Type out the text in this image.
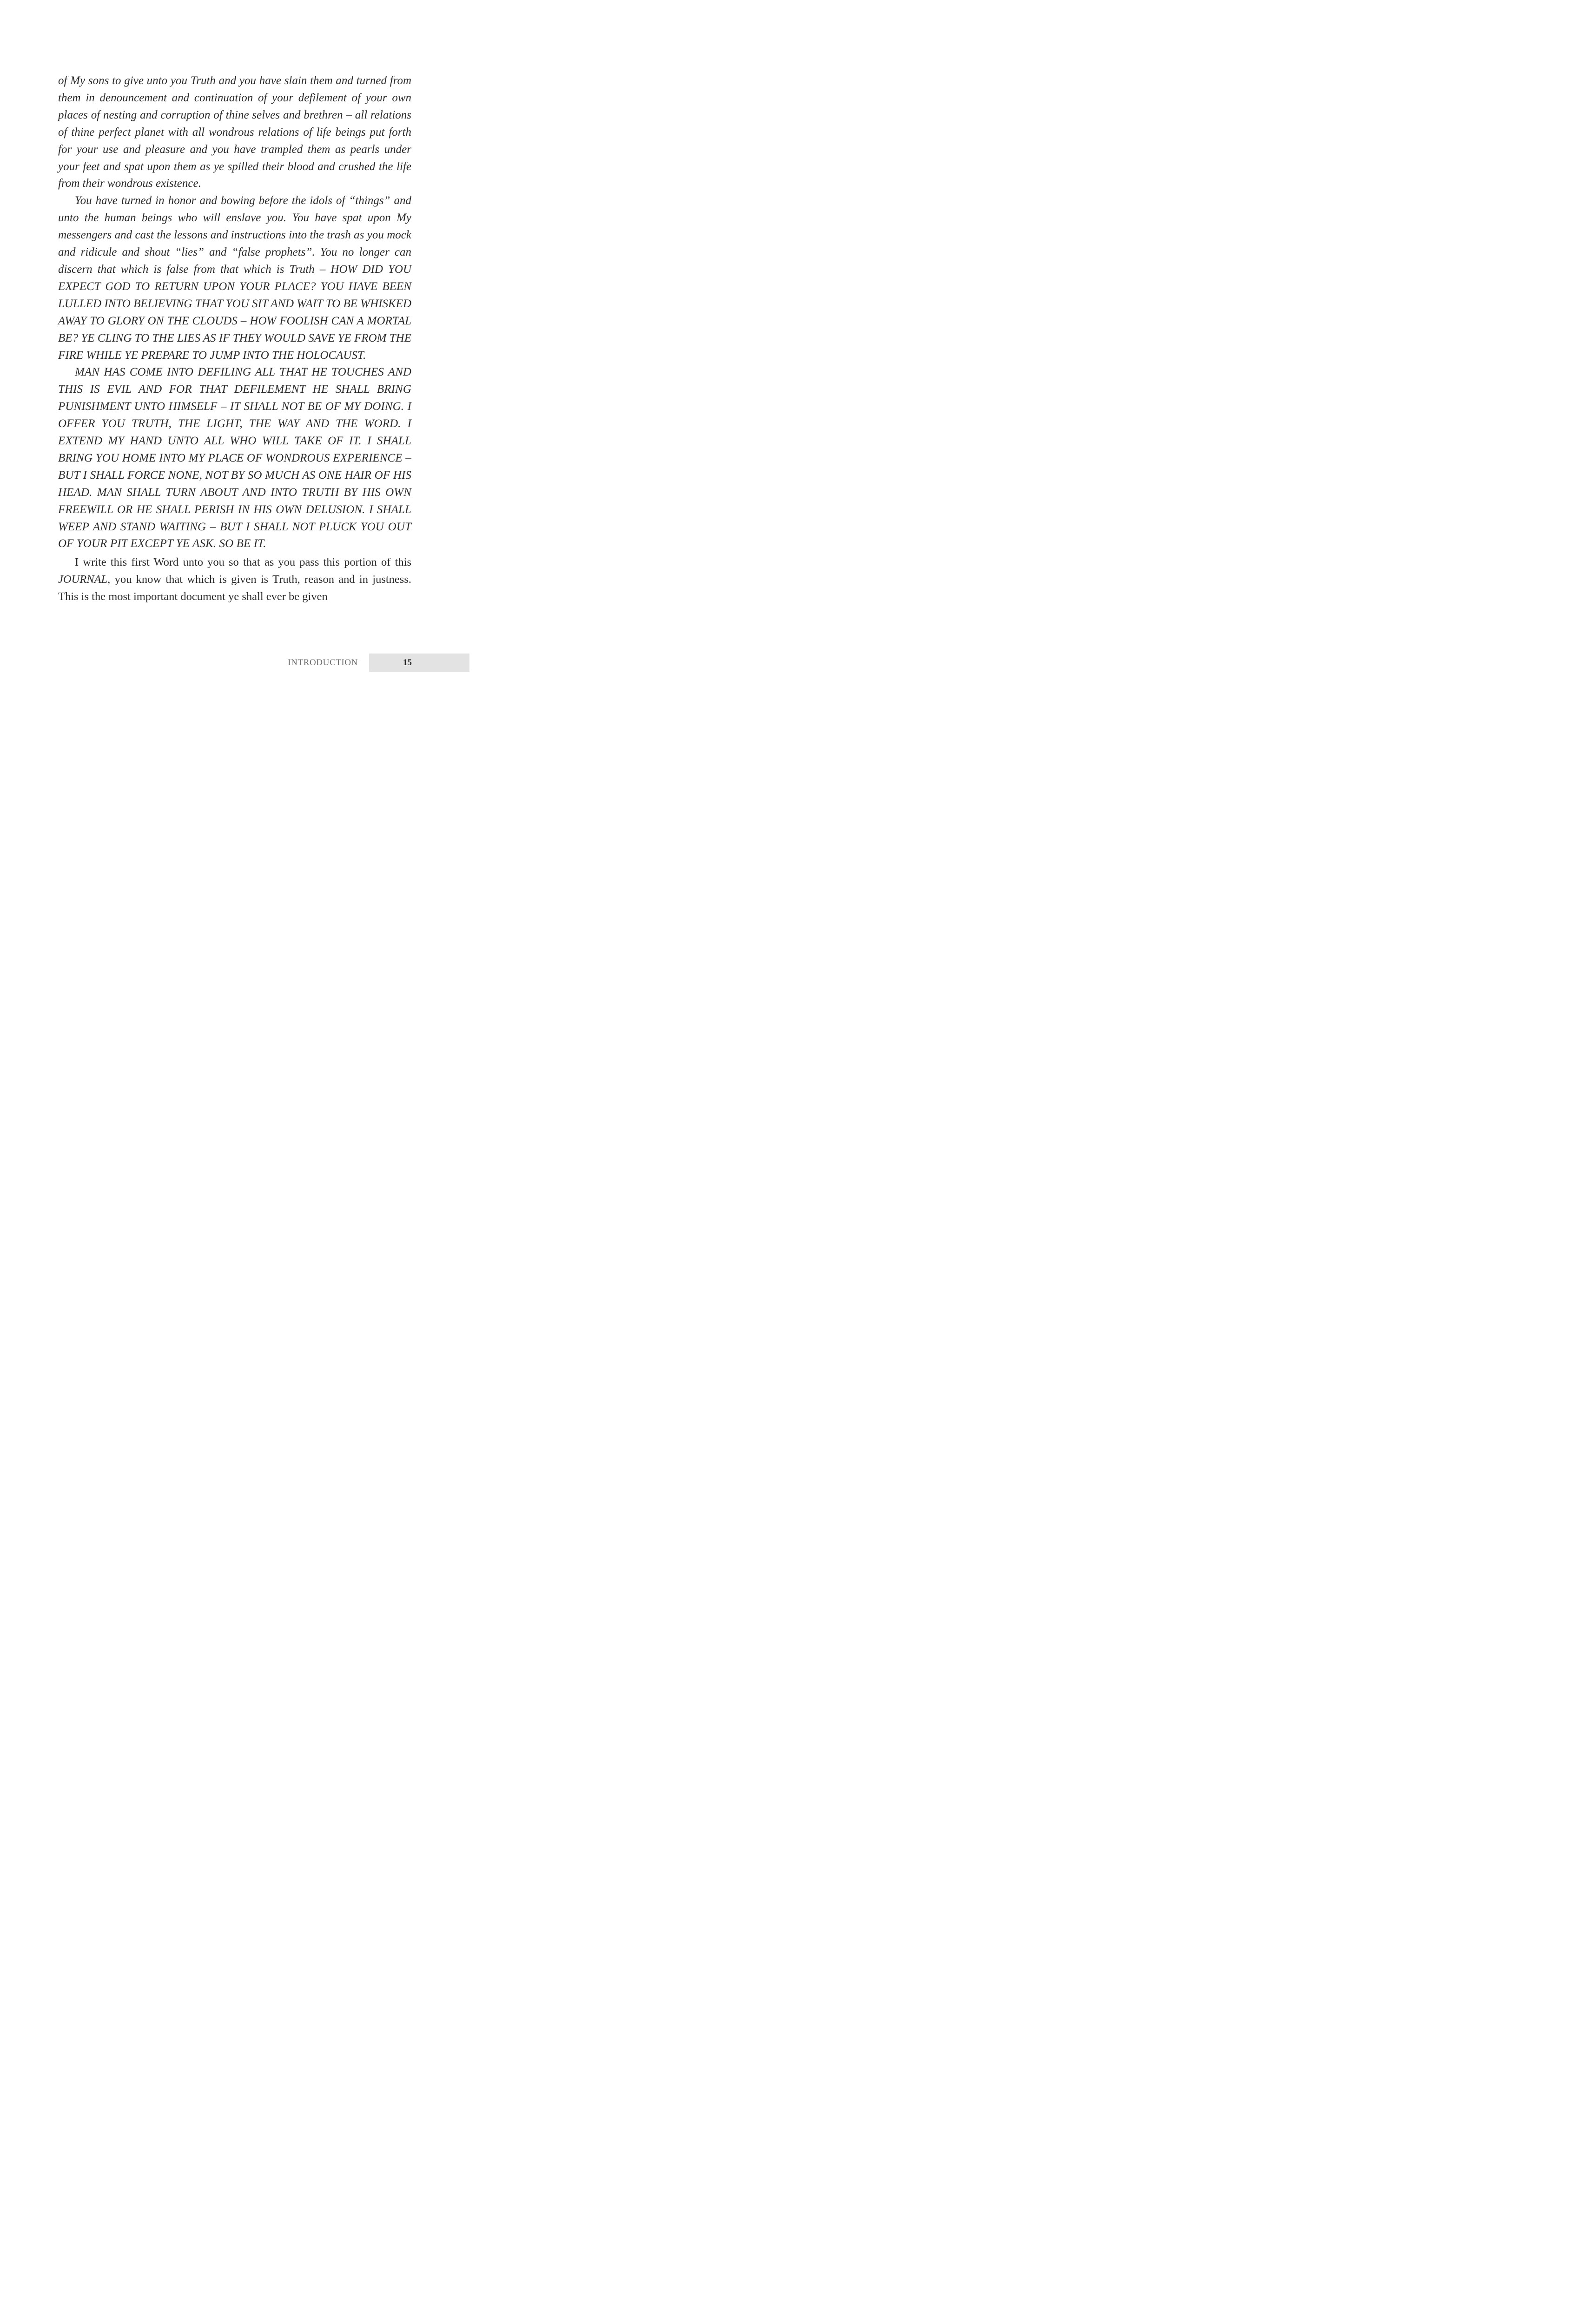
of My sons to give unto you Truth and you have slain them and turned from them in denouncement and continuation of your defilement of your own places of nesting and corruption of thine selves and brethren – all relations of thine perfect planet with all wondrous relations of life beings put forth for your use and pleasure and you have trampled them as pearls under your feet and spat upon them as ye spilled their blood and crushed the life from their wondrous existence.

You have turned in honor and bowing before the idols of “things” and unto the human beings who will enslave you. You have spat upon My messengers and cast the lessons and instructions into the trash as you mock and ridicule and shout “lies” and “false prophets”. You no longer can discern that which is false from that which is Truth – HOW DID YOU EXPECT GOD TO RETURN UPON YOUR PLACE? YOU HAVE BEEN LULLED INTO BELIEVING THAT YOU SIT AND WAIT TO BE WHISKED AWAY TO GLORY ON THE CLOUDS – HOW FOOLISH CAN A MORTAL BE? YE CLING TO THE LIES AS IF THEY WOULD SAVE YE FROM THE FIRE WHILE YE PREPARE TO JUMP INTO THE HOLOCAUST.

MAN HAS COME INTO DEFILING ALL THAT HE TOUCHES AND THIS IS EVIL AND FOR THAT DEFILEMENT HE SHALL BRING PUNISHMENT UNTO HIMSELF – IT SHALL NOT BE OF MY DOING. I OFFER YOU TRUTH, THE LIGHT, THE WAY AND THE WORD. I EXTEND MY HAND UNTO ALL WHO WILL TAKE OF IT. I SHALL BRING YOU HOME INTO MY PLACE OF WONDROUS EXPERIENCE – BUT I SHALL FORCE NONE, NOT BY SO MUCH AS ONE HAIR OF HIS HEAD. MAN SHALL TURN ABOUT AND INTO TRUTH BY HIS OWN FREEWILL OR HE SHALL PERISH IN HIS OWN DELUSION. I SHALL WEEP AND STAND WAITING – BUT I SHALL NOT PLUCK YOU OUT OF YOUR PIT EXCEPT YE ASK. SO BE IT.

I write this first Word unto you so that as you pass this portion of this JOURNAL, you know that which is given is Truth, reason and in justness. This is the most important document ye shall ever be given

INTRODUCTION	15
